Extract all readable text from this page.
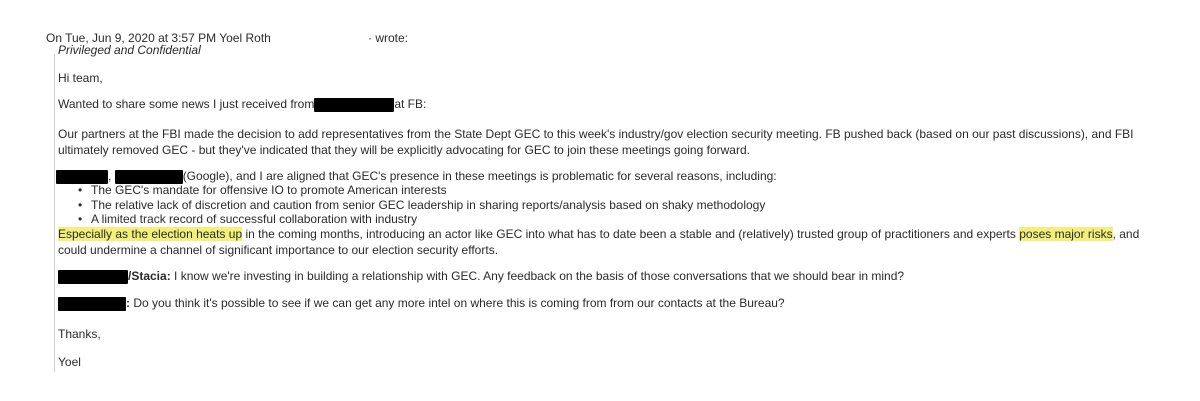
On Tue, Jun 9, 2020 at 3:57 PM Yoel Roth	· wrote:
Privileged and Confidential
Hi team,
Wanted to share some news I just received from	at FB:
Our partners at the FBI made the decision to add representatives from the State Dept GEC to this week's industry/gov election security meeting. FB pushed back (based on our past discussions), and FBI
ultimately removed GEC - but they've indicated that they will be explicitly advocating for GEC to join these meetings going forward.
,	(Google), and I are aligned that GEC's presence in these meetings is problematic for several reasons, including:
• The GEC's mandate for offensive IO to promote American interests
• The relative lack of discretion and caution from senior GEC leadership in sharing reports/analysis based on shaky methodology
• A limited track record of successful collaboration with industry
Especially as the election heats up in the coming months, introducing an actor like GEC into what has to date been a stable and (relatively) trusted group of practitioners and experts poses major risks, and
could undermine a channel of significant importance to our election security efforts.
/Stacia: I know we're investing in building a relationship with GEC. Any feedback on the basis of those conversations that we should bear in mind?
: Do you think it's possible to see if we can get any more intel on where this is coming from from our contacts at the Bureau?
Thanks,
Yoel
